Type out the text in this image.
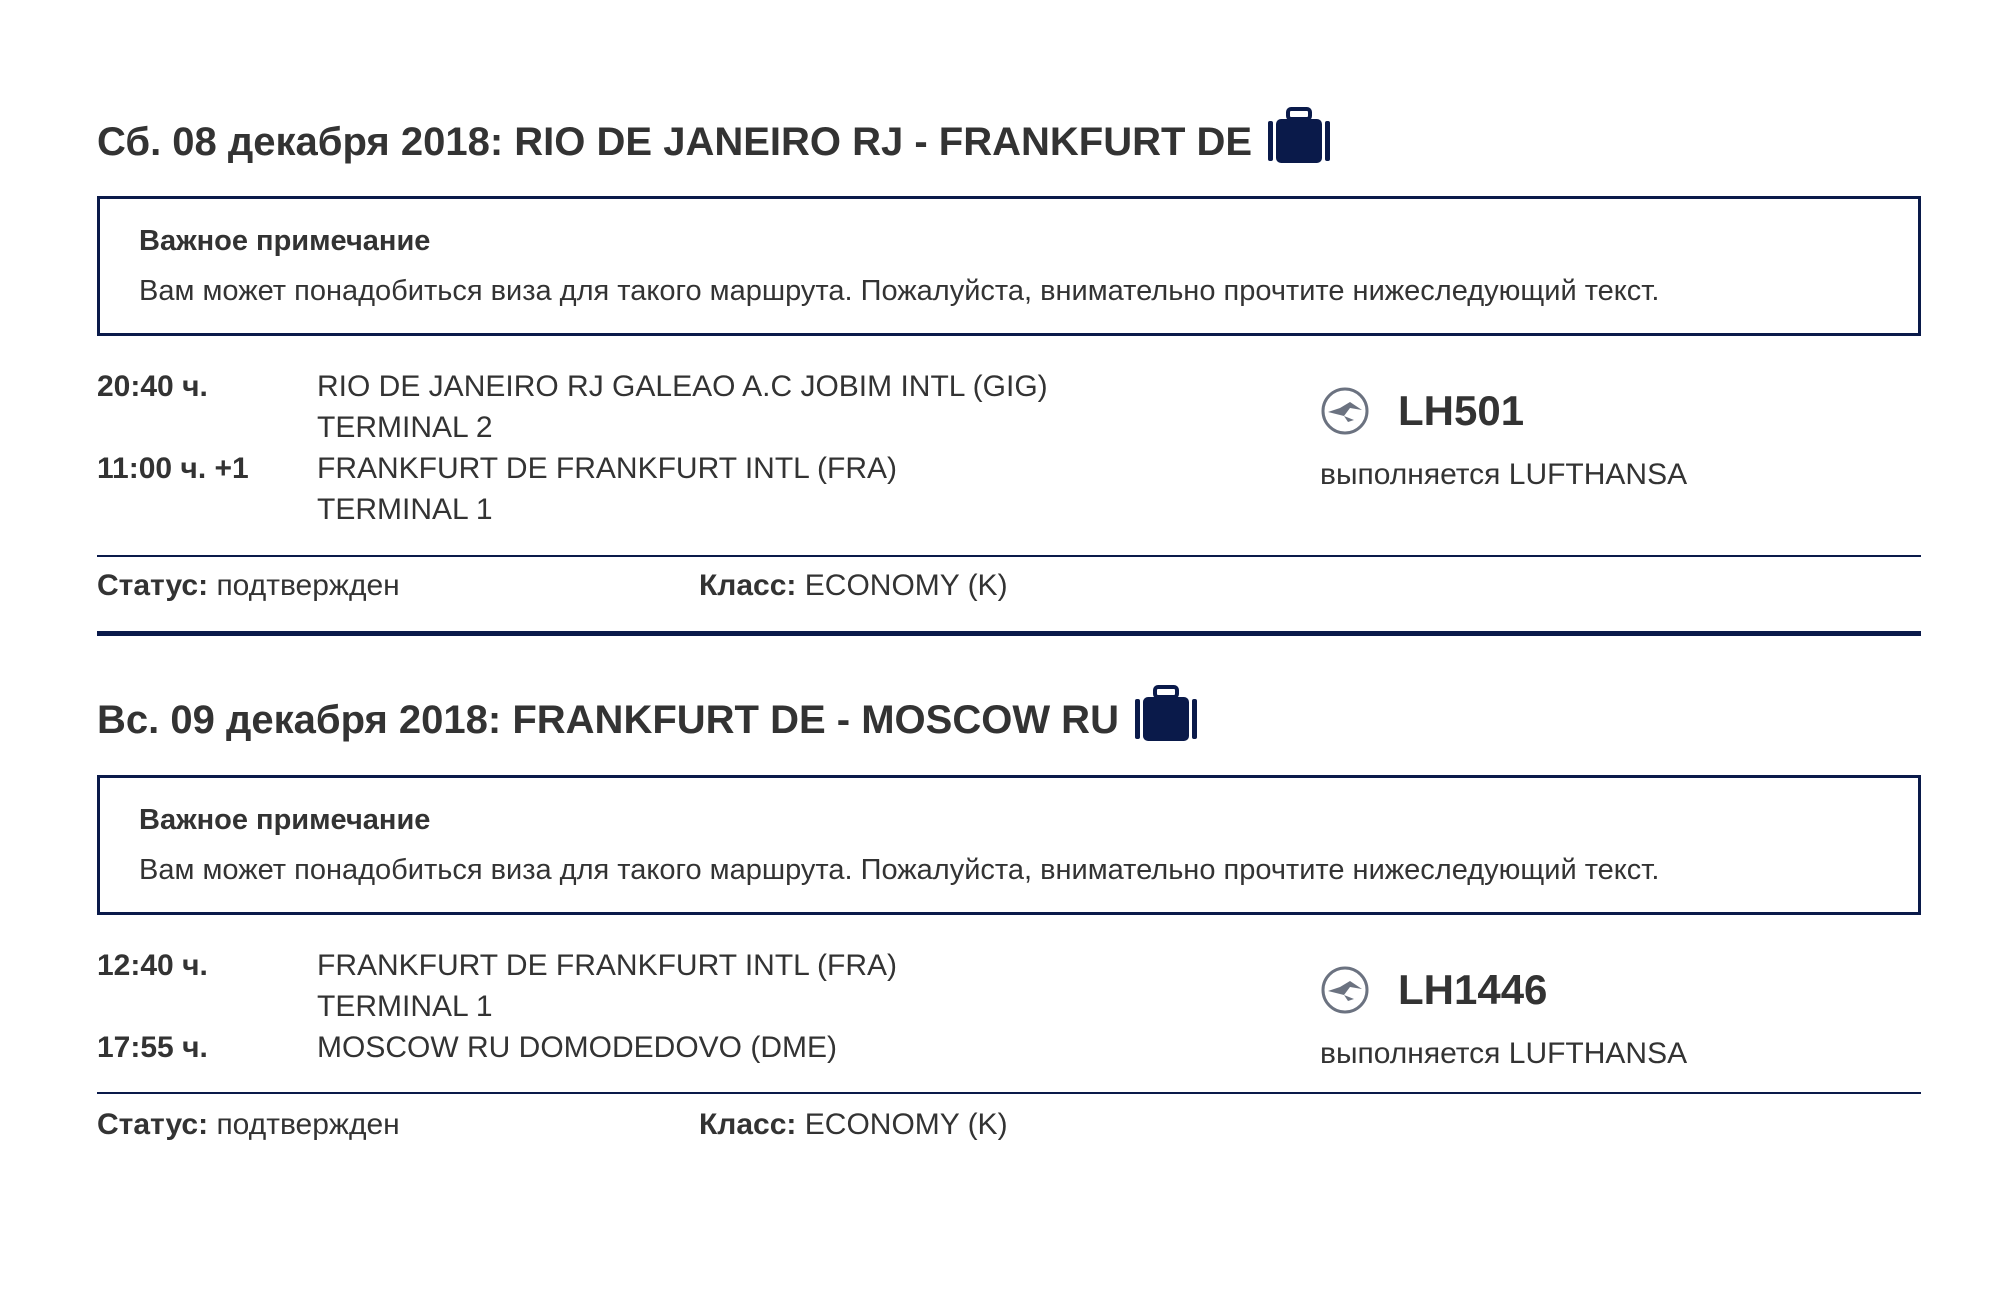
Сб. 08 декабря 2018: RIO DE JANEIRO RJ - FRANKFURT DE
Важное примечание
Вам может понадобиться виза для такого маршрута. Пожалуйста, внимательно прочтите нижеследующий текст.
20:40 ч.	RIO DE JANEIRO RJ GALEAO A.C JOBIM INTL (GIG)
TERMINAL 2
11:00 ч. +1	FRANKFURT DE FRANKFURT INTL (FRA)
TERMINAL 1
LH501
выполняется LUFTHANSA
Статус: подтвержден	Класс: ECONOMY (K)
Вс. 09 декабря 2018: FRANKFURT DE - MOSCOW RU
Важное примечание
Вам может понадобиться виза для такого маршрута. Пожалуйста, внимательно прочтите нижеследующий текст.
12:40 ч.	FRANKFURT DE FRANKFURT INTL (FRA)
TERMINAL 1
17:55 ч.	MOSCOW RU DOMODEDOVO (DME)
LH1446
выполняется LUFTHANSA
Статус: подтвержден	Класс: ECONOMY (K)
